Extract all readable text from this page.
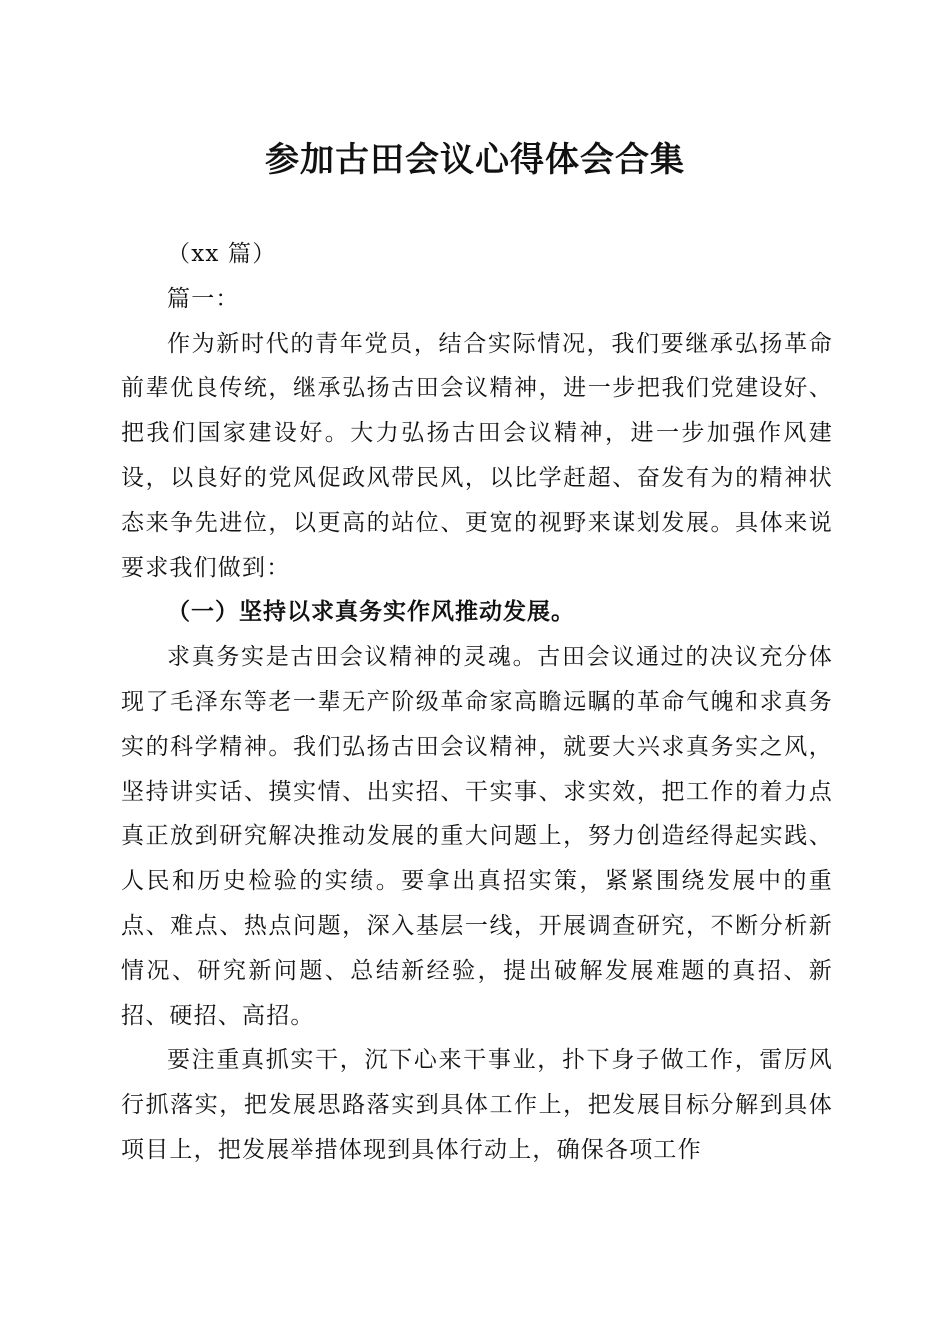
参加古田会议心得体会合集

（xx 篇）

篇一：

作为新时代的青年党员，结合实际情况，我们要继承弘扬革命前辈优良传统，继承弘扬古田会议精神，进一步把我们党建设好、把我们国家建设好。大力弘扬古田会议精神，进一步加强作风建设，以良好的党风促政风带民风，以比学赶超、奋发有为的精神状态来争先进位，以更高的站位、更宽的视野来谋划发展。具体来说要求我们做到：

（一）坚持以求真务实作风推动发展。

求真务实是古田会议精神的灵魂。古田会议通过的决议充分体现了毛泽东等老一辈无产阶级革命家高瞻远瞩的革命气魄和求真务实的科学精神。我们弘扬古田会议精神，就要大兴求真务实之风，坚持讲实话、摸实情、出实招、干实事、求实效，把工作的着力点真正放到研究解决推动发展的重大问题上，努力创造经得起实践、人民和历史检验的实绩。要拿出真招实策，紧紧围绕发展中的重点、难点、热点问题，深入基层一线，开展调查研究，不断分析新情况、研究新问题、总结新经验，提出破解发展难题的真招、新招、硬招、高招。

要注重真抓实干，沉下心来干事业，扑下身子做工作，雷厉风行抓落实，把发展思路落实到具体工作上，把发展目标分解到具体项目上，把发展举措体现到具体行动上，确保各项工作
